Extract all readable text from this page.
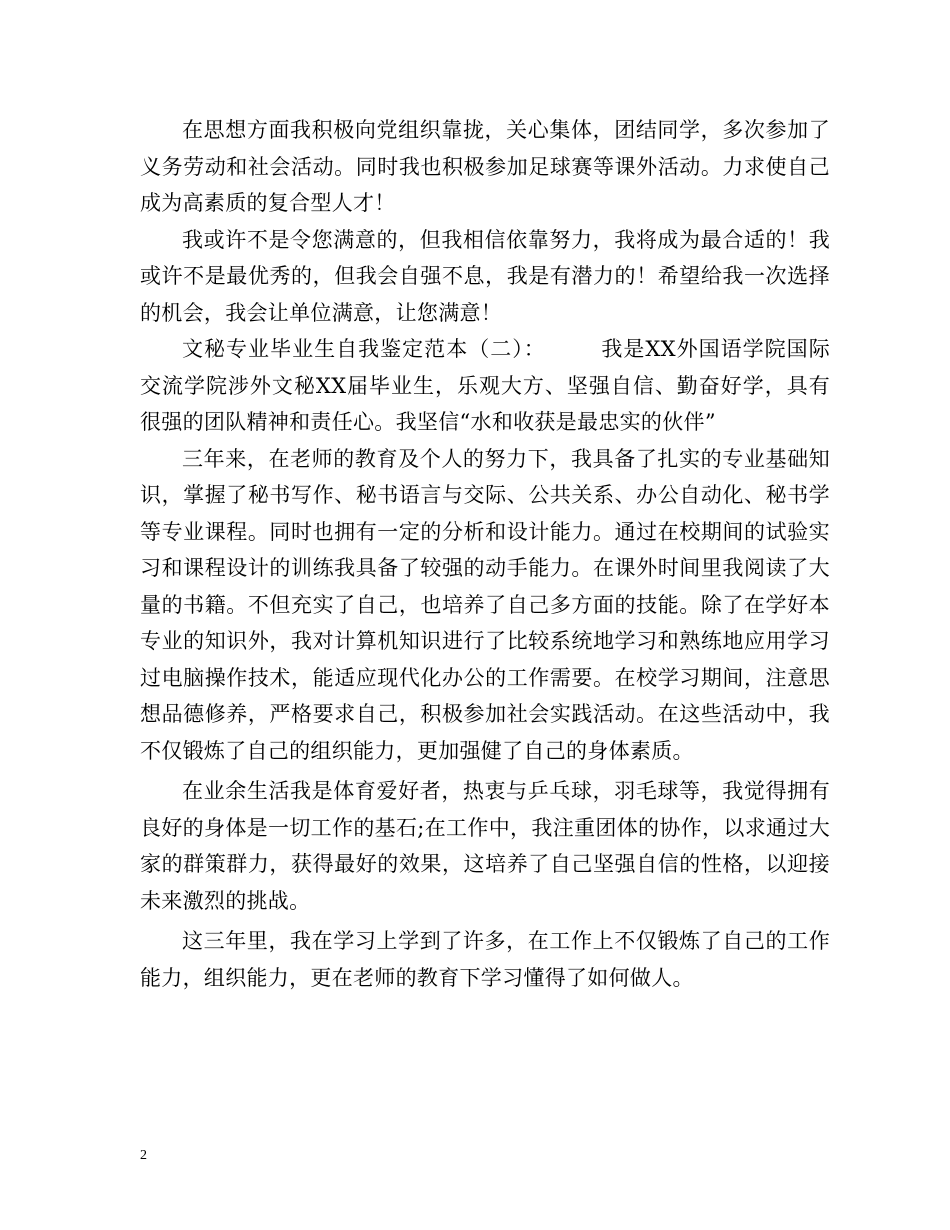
在思想方面我积极向党组织靠拢，关心集体，团结同学，多次参加了义务劳动和社会活动。同时我也积极参加足球赛等课外活动。力求使自己成为高素质的复合型人才！

我或许不是令您满意的，但我相信依靠努力，我将成为最合适的！我或许不是最优秀的，但我会自强不息，我是有潜力的！希望给我一次选择的机会，我会让单位满意，让您满意！

文秘专业毕业生自我鉴定范本（二）：　　　我是XX外国语学院国际交流学院涉外文秘XX届毕业生，乐观大方、坚强自信、勤奋好学，具有很强的团队精神和责任心。我坚信“水和收获是最忠实的伙伴”

三年来，在老师的教育及个人的努力下，我具备了扎实的专业基础知识，掌握了秘书写作、秘书语言与交际、公共关系、办公自动化、秘书学等专业课程。同时也拥有一定的分析和设计能力。通过在校期间的试验实习和课程设计的训练我具备了较强的动手能力。在课外时间里我阅读了大量的书籍。不但充实了自己，也培养了自己多方面的技能。除了在学好本专业的知识外，我对计算机知识进行了比较系统地学习和熟练地应用学习过电脑操作技术，能适应现代化办公的工作需要。在校学习期间，注意思想品德修养，严格要求自己，积极参加社会实践活动。在这些活动中，我不仅锻炼了自己的组织能力，更加强健了自己的身体素质。

在业余生活我是体育爱好者，热衷与乒乓球，羽毛球等，我觉得拥有良好的身体是一切工作的基石;在工作中，我注重团体的协作，以求通过大家的群策群力，获得最好的效果，这培养了自己坚强自信的性格，以迎接未来激烈的挑战。

这三年里，我在学习上学到了许多，在工作上不仅锻炼了自己的工作能力，组织能力，更在老师的教育下学习懂得了如何做人。

2
